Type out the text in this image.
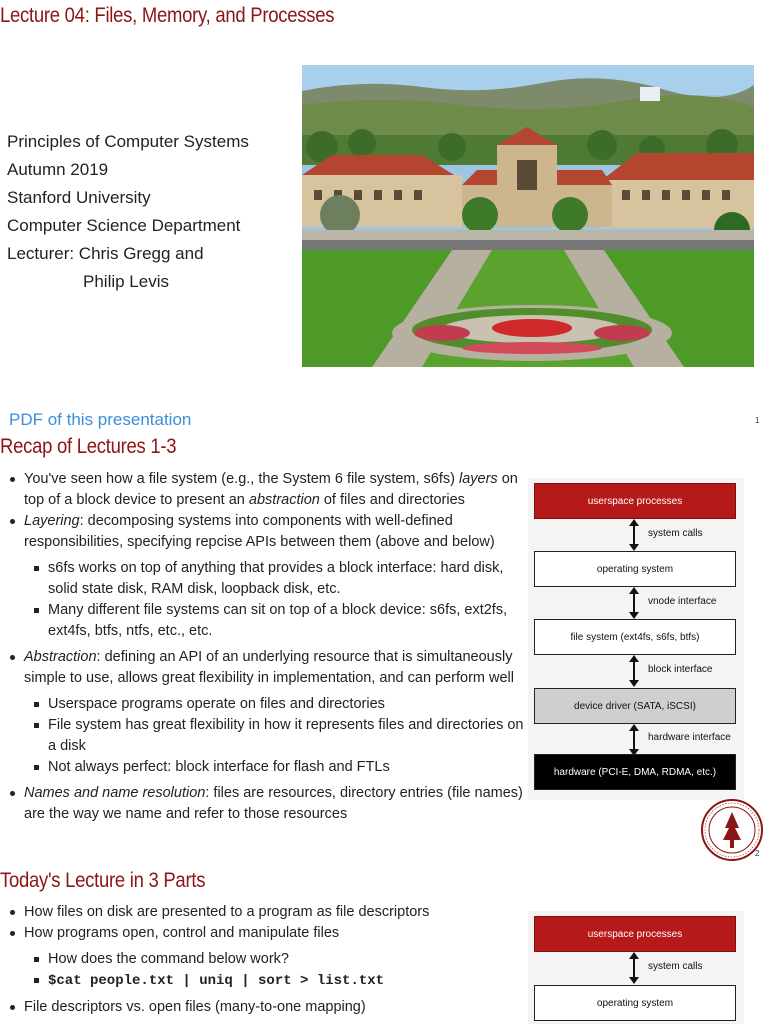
Lecture 04: Files, Memory, and Processes
Principles of Computer Systems
Autumn 2019
Stanford University
Computer Science Department
Lecturer: Chris Gregg and
Philip Levis
PDF of this presentation	1
Recap of Lectures 1-3
You've seen how a file system (e.g., the System 6 file system, s6fs) layers on top of a block device to present an abstraction of files and directories
Layering: decomposing systems into components with well-defined responsibilities, specifying repcise APIs between them (above and below)
s6fs works on top of anything that provides a block interface: hard disk, solid state disk, RAM disk, loopback disk, etc.
Many different file systems can sit on top of a block device: s6fs, ext2fs, ext4fs, btfs, ntfs, etc., etc.
Abstraction: defining an API of an underlying resource that is simultaneously simple to use, allows great flexibility in implementation, and can perform well
Userspace programs operate on files and directories
File system has great flexibility in how it represents files and directories on a disk
Not always perfect: block interface for flash and FTLs
Names and name resolution: files are resources, directory entries (file names) are the way we name and refer to those resources
userspace processes
system calls
operating system
vnode interface
file system (ext4fs, s6fs, btfs)
block interface
device driver (SATA, iSCSI)
hardware interface
hardware (PCI-E, DMA, RDMA, etc.)
2
Today's Lecture in 3 Parts
How files on disk are presented to a program as file descriptors
How programs open, control and manipulate files
How does the command below work?
$cat people.txt | uniq | sort > list.txt
File descriptors vs. open files (many-to-one mapping)
userspace processes
system calls
operating system
